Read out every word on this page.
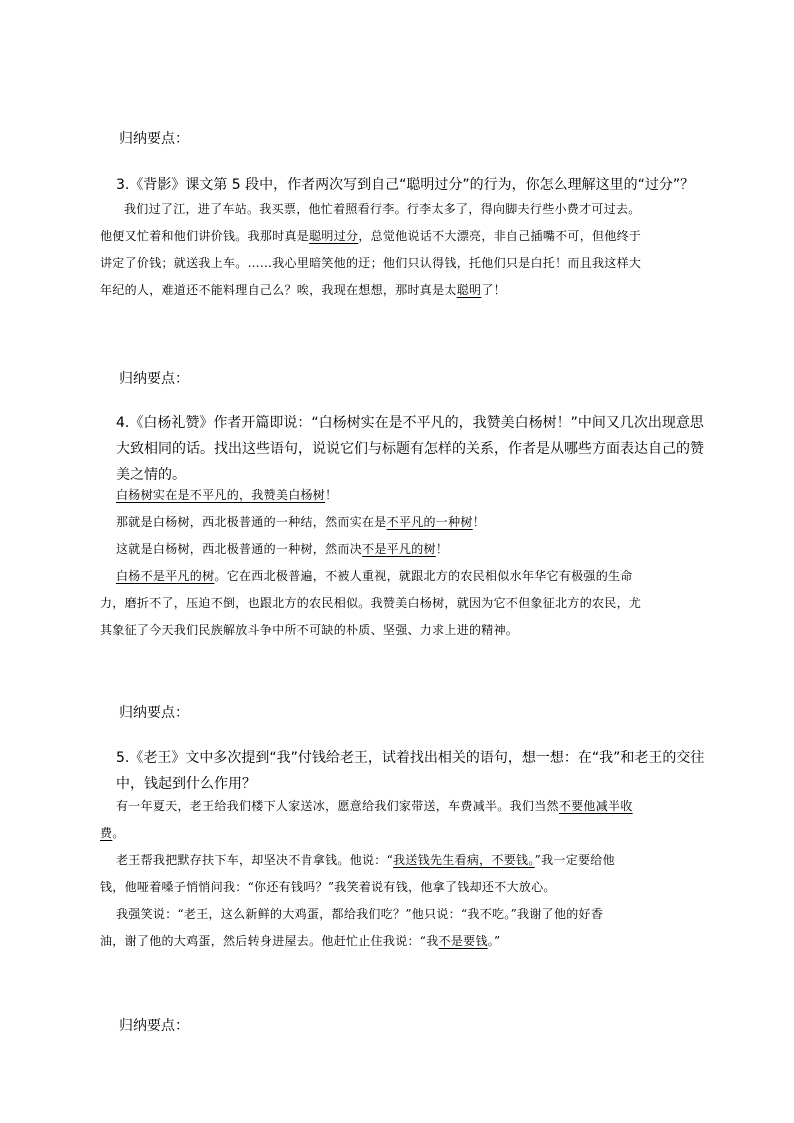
归纳要点：
3.《背影》课文第 5 段中，作者两次写到自己“聪明过分”的行为，你怎么理解这里的“过分”？
我们过了江，进了车站。我买票，他忙着照看行李。行李太多了，得向脚夫行些小费才可过去。
他便又忙着和他们讲价钱。我那时真是聪明过分，总觉他说话不大漂亮，非自己插嘴不可，但他终于
讲定了价钱；就送我上车。……我心里暗笑他的迂；他们只认得钱，托他们只是白托！而且我这样大
年纪的人，难道还不能料理自己么？唉，我现在想想，那时真是太聪明了！
归纳要点：
4.《白杨礼赞》作者开篇即说：“白杨树实在是不平凡的，我赞美白杨树！”中间又几次出现意思大致相同的话。找出这些语句，说说它们与标题有怎样的关系，作者是从哪些方面表达自己的赞美之情的。
白杨树实在是不平凡的，我赞美白杨树！
那就是白杨树，西北极普通的一种结，然而实在是不平凡的一种树！
这就是白杨树，西北极普通的一种树，然而决不是平凡的树！
白杨不是平凡的树。它在西北极普遍，不被人重视，就跟北方的农民相似水年华它有极强的生命
力，磨折不了，压迫不倒，也跟北方的农民相似。我赞美白杨树，就因为它不但象征北方的农民，尤
其象征了今天我们民族解放斗争中所不可缺的朴质、坚强、力求上进的精神。
归纳要点：
5.《老王》文中多次提到“我”付钱给老王，试着找出相关的语句，想一想：在“我”和老王的交往中，钱起到什么作用？
有一年夏天，老王给我们楼下人家送冰，愿意给我们家带送，车费减半。我们当然不要他减半收
费。
老王帮我把默存扶下车，却坚决不肯拿钱。他说：“我送钱先生看病，不要钱。”我一定要给他
钱，他哑着嗓子悄悄问我：“你还有钱吗？”我笑着说有钱，他拿了钱却还不大放心。
我强笑说：“老王，这么新鲜的大鸡蛋，都给我们吃？”他只说：“我不吃。”我谢了他的好香
油，谢了他的大鸡蛋，然后转身进屋去。他赶忙止住我说：“我不是要钱。”
归纳要点：
